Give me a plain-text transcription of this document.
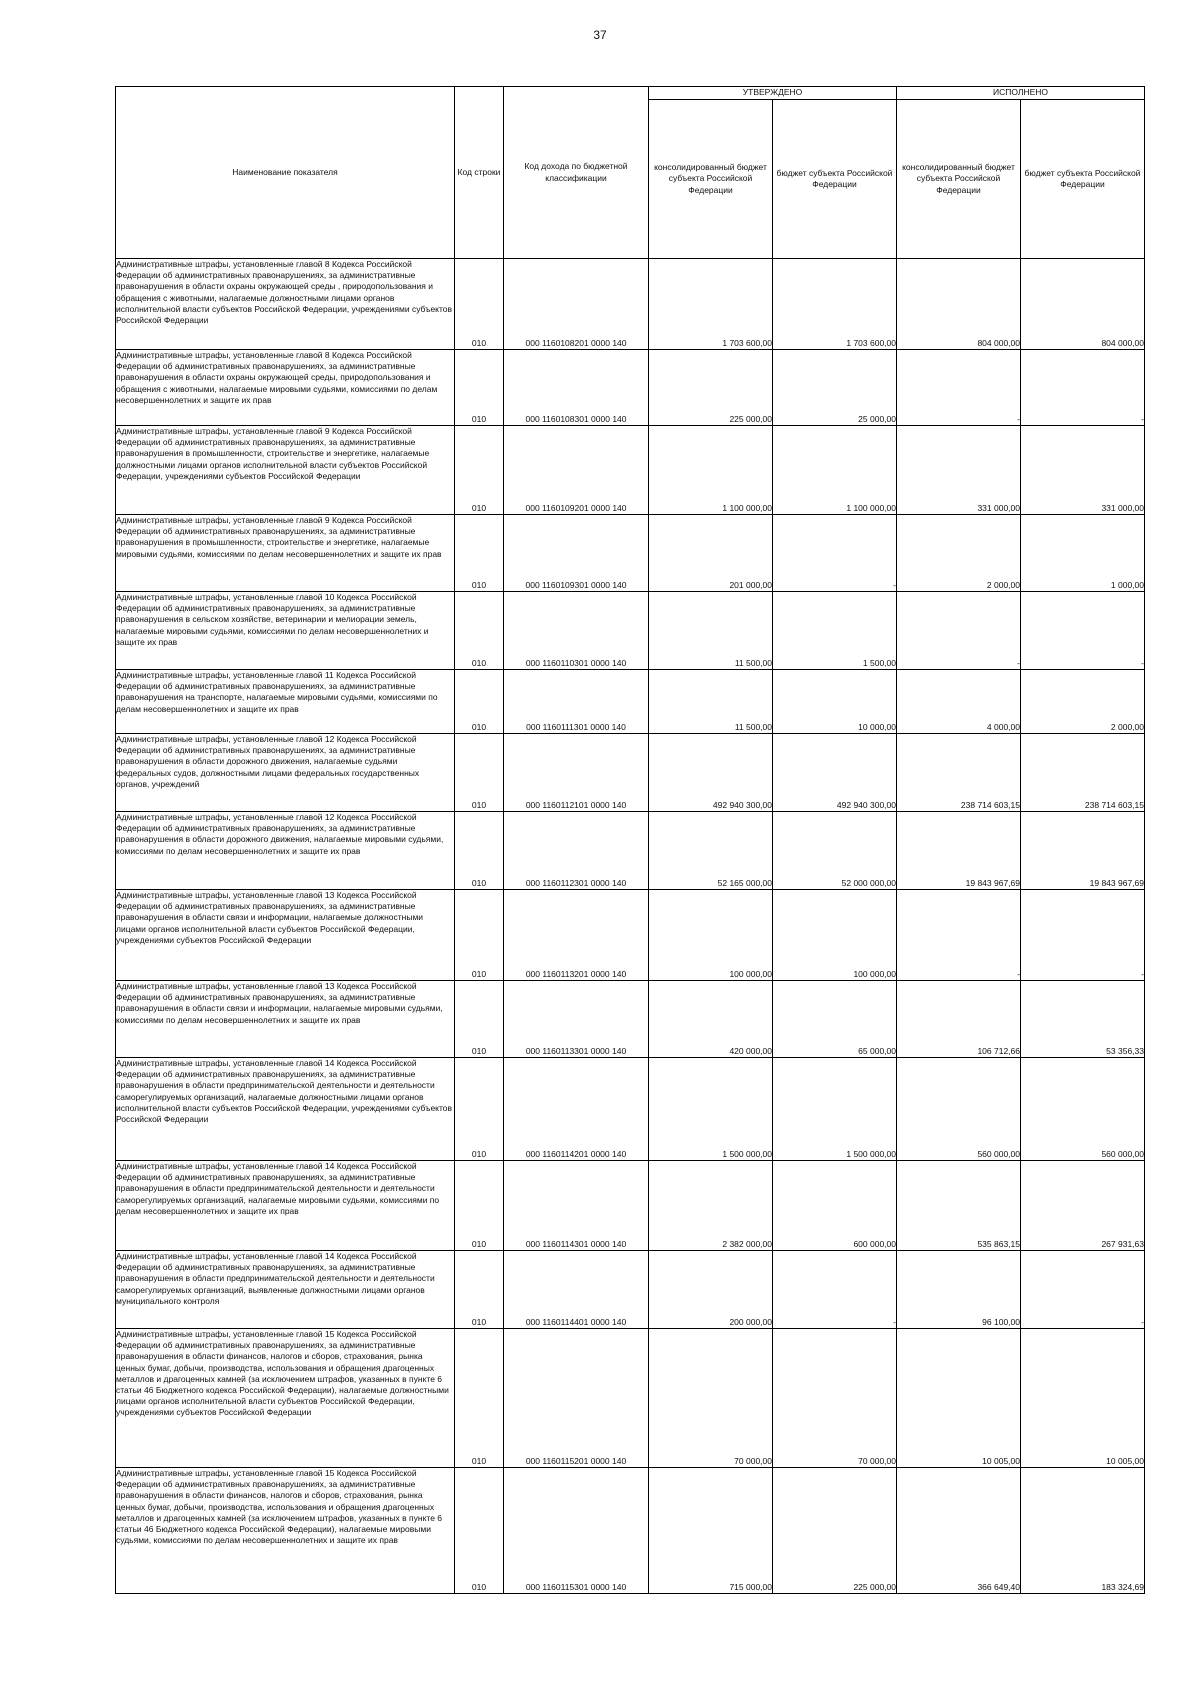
37
Наименование показателя	Код строки	Код дохода по бюджетной классификации	УТВЕРЖДЕНО		ИСПОЛНЕНО	
			консолидированный бюджет субъекта Российской Федерации	бюджет субъекта Российской Федерации	консолидированный бюджет субъекта Российской Федерации	бюджет субъекта Российской Федерации
Административные штрафы, установленные главой 8 Кодекса Российской Федерации об административных правонарушениях, за административные правонарушения в области охраны окружающей среды , природопользования и обращения с животными, налагаемые должностными лицами органов исполнительной власти субъектов Российской Федерации, учреждениями субъектов Российской Федерации	010	000 1160108201 0000 140	1 703 600,00	1 703 600,00	804 000,00	804 000,00
Административные штрафы, установленные главой 8 Кодекса Российской Федерации об административных правонарушениях, за административные правонарушения в области охраны окружающей среды, природопользования и обращения с животными, налагаемые мировыми судьями, комиссиями по делам несовершеннолетних и защите их прав	010	000 1160108301 0000 140	225 000,00	25 000,00	-	-
Административные штрафы, установленные главой 9 Кодекса Российской Федерации об административных правонарушениях, за административные правонарушения в промышленности, строительстве и энергетике, налагаемые должностными лицами органов исполнительной власти субъектов Российской Федерации, учреждениями субъектов Российской Федерации	010	000 1160109201 0000 140	1 100 000,00	1 100 000,00	331 000,00	331 000,00
Административные штрафы, установленные главой 9 Кодекса Российской Федерации об административных правонарушениях, за административные правонарушения в промышленности, строительстве и энергетике, налагаемые мировыми судьями, комиссиями по делам несовершеннолетних и защите их прав	010	000 1160109301 0000 140	201 000,00	-	2 000,00	1 000,00
Административные штрафы, установленные главой 10 Кодекса Российской Федерации об административных правонарушениях, за административные правонарушения в сельском хозяйстве, ветеринарии и мелиорации земель, налагаемые мировыми судьями, комиссиями по делам несовершеннолетних и защите их прав	010	000 1160110301 0000 140	11 500,00	1 500,00	-	-
Административные штрафы, установленные главой 11 Кодекса Российской Федерации об административных правонарушениях, за административные правонарушения на транспорте, налагаемые мировыми судьями, комиссиями по делам несовершеннолетних и защите их прав	010	000 1160111301 0000 140	11 500,00	10 000,00	4 000,00	2 000,00
Административные штрафы, установленные главой 12 Кодекса Российской Федерации об административных правонарушениях, за административные правонарушения в области дорожного движения, налагаемые судьями федеральных судов, должностными лицами федеральных государственных органов, учреждений	010	000 1160112101 0000 140	492 940 300,00	492 940 300,00	238 714 603,15	238 714 603,15
Административные штрафы, установленные главой 12 Кодекса Российской Федерации об административных правонарушениях, за административные правонарушения в области дорожного движения, налагаемые мировыми судьями, комиссиями по делам несовершеннолетних и защите их прав	010	000 1160112301 0000 140	52 165 000,00	52 000 000,00	19 843 967,69	19 843 967,69
Административные штрафы, установленные главой 13 Кодекса Российской Федерации об административных правонарушениях, за административные правонарушения в области связи и информации, налагаемые должностными лицами органов исполнительной власти субъектов Российской Федерации, учреждениями субъектов Российской Федерации	010	000 1160113201 0000 140	100 000,00	100 000,00	-	-
Административные штрафы, установленные главой 13 Кодекса Российской Федерации об административных правонарушениях, за административные правонарушения в области связи и информации, налагаемые мировыми судьями, комиссиями по делам несовершеннолетних и защите их прав	010	000 1160113301 0000 140	420 000,00	65 000,00	106 712,66	53 356,33
Административные штрафы, установленные главой 14 Кодекса Российской Федерации об административных правонарушениях, за административные правонарушения в области предпринимательской деятельности и деятельности саморегулируемых организаций, налагаемые должностными лицами органов исполнительной власти субъектов Российской Федерации, учреждениями субъектов Российской Федерации	010	000 1160114201 0000 140	1 500 000,00	1 500 000,00	560 000,00	560 000,00
Административные штрафы, установленные главой 14 Кодекса Российской Федерации об административных правонарушениях, за административные правонарушения в области предпринимательской деятельности и деятельности саморегулируемых организаций, налагаемые мировыми судьями, комиссиями по делам несовершеннолетних и защите их прав	010	000 1160114301 0000 140	2 382 000,00	600 000,00	535 863,15	267 931,63
Административные штрафы, установленные главой 14 Кодекса Российской Федерации об административных правонарушениях, за административные правонарушения в области предпринимательской деятельности и деятельности саморегулируемых организаций, выявленные должностными лицами органов муниципального контроля	010	000 1160114401 0000 140	200 000,00	-	96 100,00	-
Административные штрафы, установленные главой 15 Кодекса Российской Федерации об административных правонарушениях, за административные правонарушения в области финансов, налогов и сборов, страхования, рынка ценных бумаг, добычи, производства, использования и обращения драгоценных металлов и драгоценных камней (за исключением штрафов, указанных в пункте 6 статьи 46 Бюджетного кодекса Российской Федерации), налагаемые должностными лицами органов исполнительной власти субъектов Российской Федерации, учреждениями субъектов Российской Федерации	010	000 1160115201 0000 140	70 000,00	70 000,00	10 005,00	10 005,00
Административные штрафы, установленные главой 15 Кодекса Российской Федерации об административных правонарушениях, за административные правонарушения в области финансов, налогов и сборов, страхования, рынка ценных бумаг, добычи, производства, использования и обращения драгоценных металлов и драгоценных камней (за исключением штрафов, указанных в пункте 6 статьи 46 Бюджетного кодекса Российской Федерации), налагаемые мировыми судьями, комиссиями по делам несовершеннолетних и защите их прав	010	000 1160115301 0000 140	715 000,00	225 000,00	366 649,40	183 324,69
